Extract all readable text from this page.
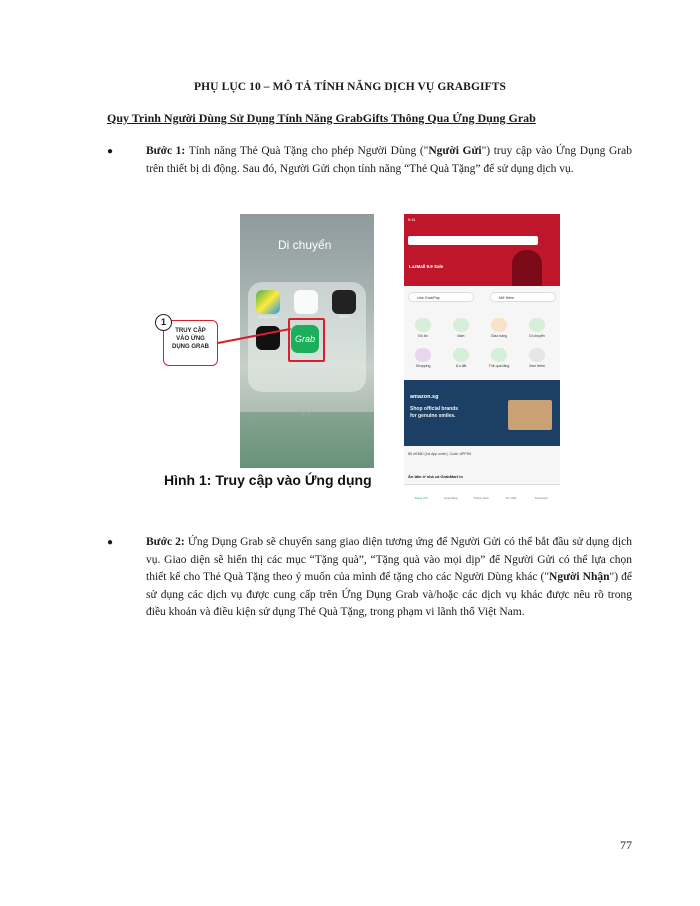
PHỤ LỤC 10 – MÔ TẢ TÍNH NĂNG DỊCH VỤ GRABGIFTS
Quy Trình Người Dùng Sử Dụng Tính Năng GrabGifts Thông Qua Ứng Dụng Grab
●	Bước 1: Tính năng Thẻ Quà Tặng cho phép Người Dùng ("Người Gửi") truy cập vào Ứng Dụng Grab trên thiết bị di động. Sau đó, Người Gửi chọn tính năng “Thẻ Quà Tặng” để sử dụng dịch vụ.
Di chuyển
Google Maps	Wallet
Grab
TRUY CẬP
VÀO ỨNG
DỤNG GRAB
1
Hình 1: Truy cập vào Ứng dụng
9:41
LazMall 9.9 Sale
Use GrabPay	Mở thêm
Đồ ăn	Mart	Giao hàng	Di chuyển
Shopping	Ưu đãi	Thẻ quà tặng	Xem thêm
amazon.sg
Shop official brands
for genuine smiles.
$5 off $60 (1st App order). Code: APP5G
Ăn tẩm ở nhà cả GrabMart lo
Trang chủ	Hoạt động	Thanh toán	Tin nhắn	Tài khoản
●	Bước 2: Ứng Dụng Grab sẽ chuyển sang giao diện tương ứng để Người Gửi có thể bắt đầu sử dụng dịch vụ. Giao diện sẽ hiển thị các mục “Tặng quà”, “Tặng quà vào mọi dịp” để Người Gửi có thể lựa chọn thiết kế cho Thẻ Quà Tặng theo ý muốn của mình để tặng cho các Người Dùng khác ("Người Nhận") để sử dụng các dịch vụ được cung cấp trên Ứng Dụng Grab và/hoặc các dịch vụ khác được nêu rõ trong điều khoản và điều kiện sử dụng Thẻ Quà Tặng, trong phạm vi lãnh thổ Việt Nam.
77
